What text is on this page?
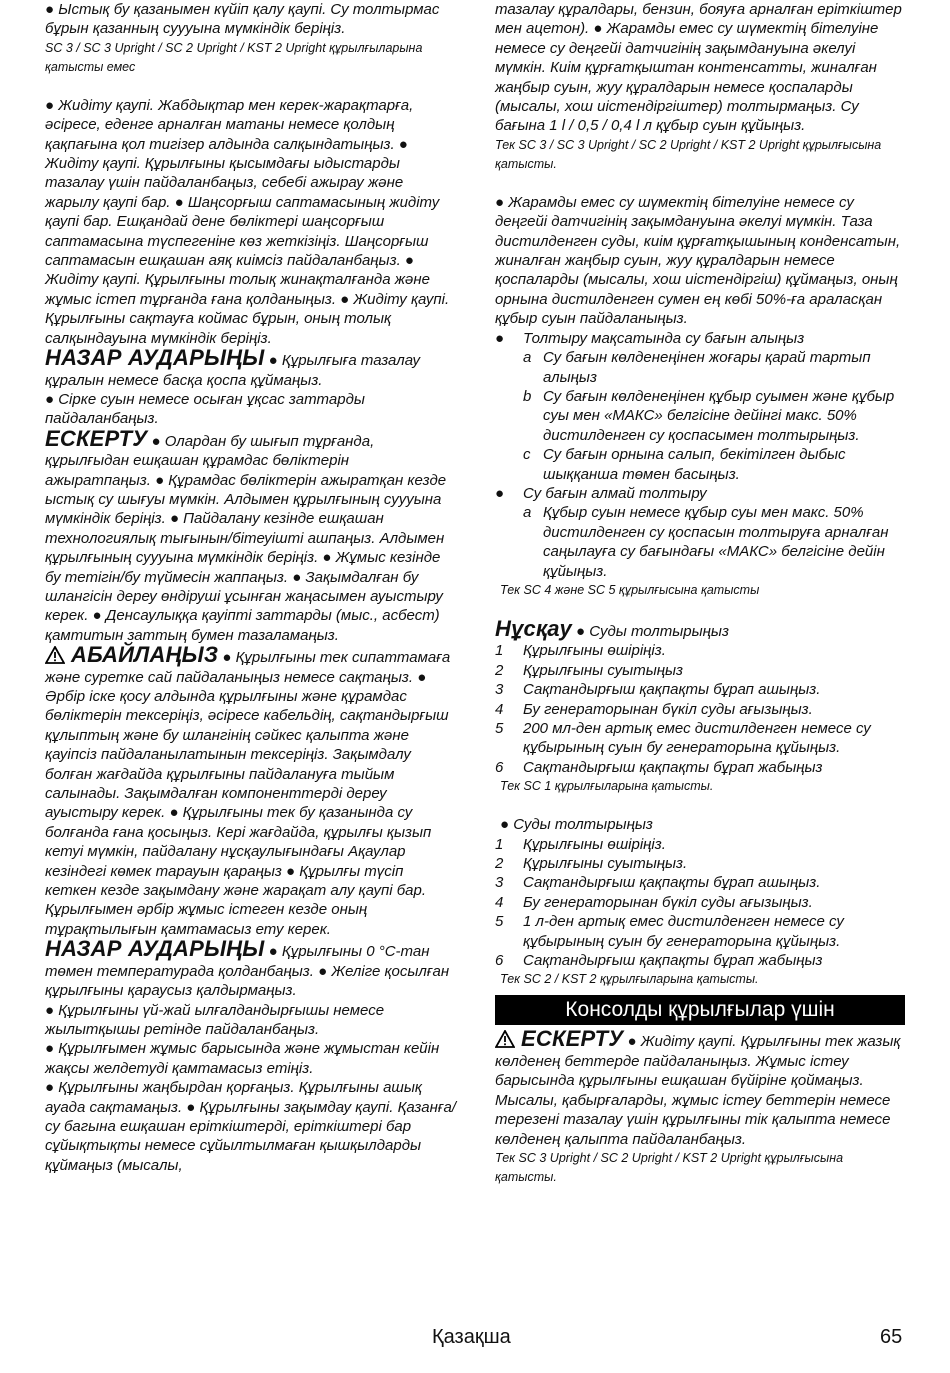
● Ыстық бу қазанымен күйіп қалу қаупі. Су толтырмас бұрын қазанның суууына мүмкіндік беріңіз.

SC 3 / SC 3 Upright / SC 2 Upright / KST 2 Upright құрылғыларына қатысты емес

● Жидіту қаупі. Жабдықтар мен керек-жарақтарға, әсіресе, еденге арналған матаны немесе қолдың қақпағына қол тигізер алдында салқындатыңыз. ● Жидіту қаупі. Құрылғыны қысымдағы ыдыстарды тазалау үшін пайдаланбаңыз, себебі ажырау және жарылу қаупі бар. ● Шаңсорғыш саптамасының жидіту қаупі бар. Ешқандай дене бөліктері шаңсорғыш саптамасына түспегеніне көз жеткізіңіз. Шаңсорғыш саптамасын ешқашан аяқ киімсіз пайдаланбаңыз. ● Жидіту қаупі. Құрылғыны толық жинақталғанда және жұмыс істеп тұрғанда ғана қолданыңыз. ● Жидіту қаупі. Құрылғыны сақтауға коймас бұрын, оның толық салқындауына мүмкіндік беріңіз.

НАЗАР АУДАРЫҢЫ ● Құрылғыға тазалау құралын немесе басқа қоспа құймаңыз.

● Сірке суын немесе осыған ұқсас заттарды пайдаланбаңыз.

ЕСКЕРТУ ● Олардан бу шығып тұрғанда, құрылғыдан ешқашан құрамдас бөліктерін ажыратпаңыз. ● Құрамдас бөліктерін ажыратқан кезде ыстық су шығуы мүмкін. Алдымен құрылғының суууына мүмкіндік беріңіз. ● Пайдалану кезінде ешқашан технологиялық тығынын/бітеуішті ашпаңыз. Алдымен құрылғының суууына мүмкіндік беріңіз. ● Жұмыс кезінде бу тетігін/бу түймесін жаппаңыз. ● Зақымдалған бу шлангісін дереу өндіруші ұсынған жаңасымен ауыстыру керек. ● Денсаулыққа қауіпті заттарды (мыс., асбест) қамтитын заттың бумен тазаламаңыз.

АБАЙЛАҢЫЗ ● Құрылғыны тек сипаттамаға және суретке сай пайдаланыңыз немесе сақтаңыз. ● Әрбір іске қосу алдында құрылғыны және құрамдас бөліктерін тексеріңіз, әсіресе кабельдің, сақтандырғыш құлыптың және бу шлангінің сәйкес қалыпта және қауіпсіз пайдаланылатынын тексеріңіз. Зақымдалу болған жағдайда құрылғыны пайдалануға тыйым салынады. Зақымдалған компоненттерді дереу ауыстыру керек. ● Құрылғыны тек бу қазанында су болғанда ғана қосыңыз. Кері жағдайда, құрылғы қызып кетуі мүмкін, пайдалану нұсқаулығындағы Ақаулар кезіндегі көмек тарауын қараңыз ● Құрылғы түсіп кеткен кезде зақымдану және жарақат алу қаупі бар. Құрылғымен әрбір жұмыс істеген кезде оның тұрақтылығын қамтамасыз ету керек.

НАЗАР АУДАРЫҢЫ ● Құрылғыны 0 °C-тан төмен температурада қолданбаңыз. ● Желіге қосылған құрылғыны қараусыз қалдырмаңыз.

● Құрылғыны үй-жай ылғалдандырғышы немесе жылытқышы ретінде пайдаланбаңыз.

● Құрылғымен жұмыс барысында және жұмыстан кейін жақсы желдетуді қамтамасыз етіңіз.

● Құрылғыны жаңбырдан қорғаңыз. Құрылғыны ашық ауада сақтамаңыз. ● Құрылғыны зақымдау қаупі. Қазанға/су багына ешқашан еріткіштерді, еріткіштері бар сұйықтықты немесе сұйылтылмаған қышқылдарды құймаңыз (мысалы,

тазалау құралдары, бензин, бояуға арналған еріткіштер мен ацетон). ● Жарамды емес су шүмектің бітелуіне немесе су деңгейі датчигінің зақымдануына әкелуі мүмкін. Киім құрғатқыштан контенсатты, жиналған жаңбыр суын, жуу құралдарын немесе қоспаларды (мысалы, хош иістендіргіштер) толтырмаңыз. Су бағына 1 l / 0,5 / 0,4 l л құбыр суын құйыңыз.

Тек SC 3 / SC 3 Upright / SC 2 Upright / KST 2 Upright құрылғысына қатысты.

● Жарамды емес су шүмектің бітелуіне немесе су деңгейі датчигінің зақымдануына әкелуі мүмкін. Таза дистилденген суды, киім құрғатқышының конденсатын, жиналған жаңбыр суын, жуу құралдарын немесе қоспаларды (мысалы, хош иістендіргіш) құймаңыз, оның орнына дистилденген сумен ең көбі 50%-ға араласқан құбыр суын пайдаланыңыз.

●	Толтыру мақсатында су бағын алыңыз
a Су бағын көлденеңінен жоғары қарай тартып алыңыз
b Су бағын көлденеңінен құбыр суымен және құбыр суы мен «МАКС» белгісіне дейінгі макс. 50% дистилденген су қоспасымен толтырыңыз.
c Су бағын орнына салып, бекітілген дыбыс шыққанша төмен басыңыз.
●	Су бағын алмай толтыру
a Құбыр суын немесе құбыр суы мен макс. 50% дистилденген су қоспасын толтыруға арналған саңылауға су бағындағы «МАКС» белгісіне дейін құйыңыз.

Тек SC 4 және SC 5 құрылғысына қатысты

Нұсқау ● Суды толтырыңыз

1	Құрылғыны өшіріңіз.
2	Құрылғыны суытыңыз
3	Сақтандырғыш қақпақты бұрап ашыңыз.
4	Бу генераторынан бүкіл суды ағызыңыз.
5	200 мл-ден артық емес дистилденген немесе су құбырының суын бу генераторына құйыңыз.
6	Сақтандырғыш қақпақты бұрап жабыңыз

Тек SC 1 құрылғыларына қатысты.

● Суды толтырыңыз

1	Құрылғыны өшіріңіз.
2	Құрылғыны суытыңыз.
3	Сақтандырғыш қақпақты бұрап ашыңыз.
4	Бу генераторынан бүкіл суды ағызыңыз.
5	1 л-ден артық емес дистилденген немесе су құбырының суын бу генераторына құйыңыз.
6	Сақтандырғыш қақпақты бұрап жабыңыз

Тек SC 2 / KST 2 құрылғыларына қатысты.

Консолды құрылғылар үшін

ЕСКЕРТУ ● Жидіту қаупі. Құрылғыны тек жазық көлденең беттерде пайдаланыңыз. Жұмыс істеу барысында құрылғыны ешқашан бүйіріне қоймаңыз. Мысалы, қабырғаларды, жұмыс істеу беттерін немесе терезені тазалау үшін құрылғыны тік қалыпта немесе көлденең қалыпта пайдаланбаңыз.

Тек SC 3 Upright / SC 2 Upright / KST 2 Upright құрылғысына қатысты.

Қазақша	65
